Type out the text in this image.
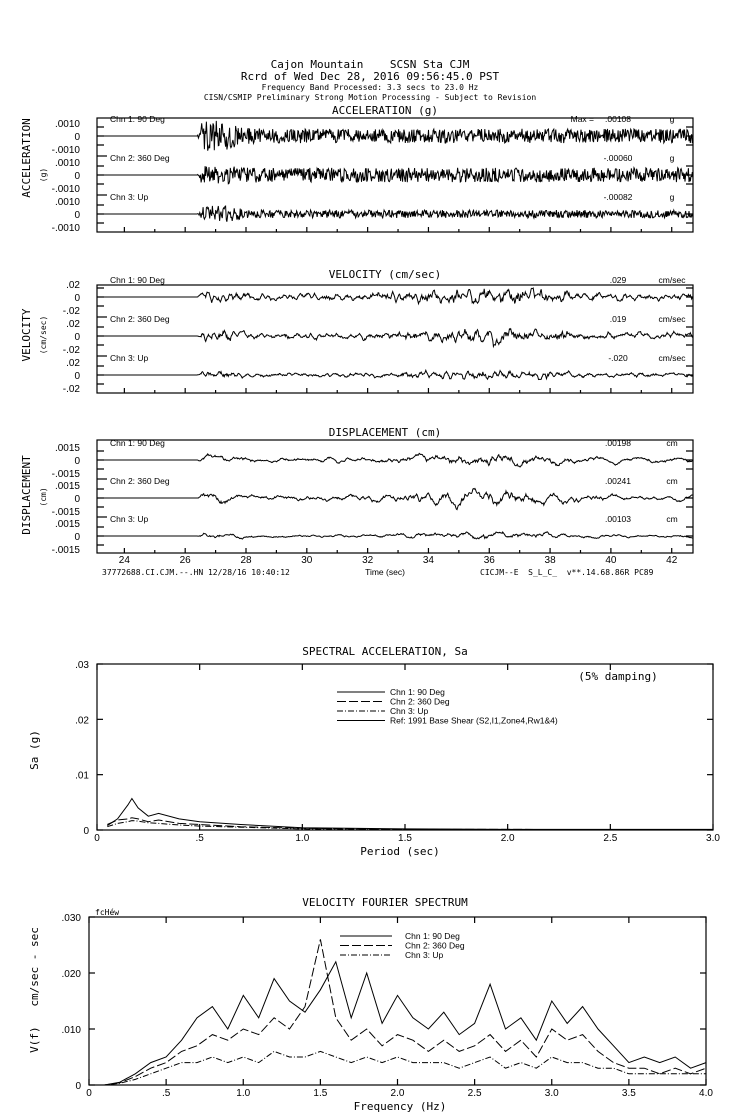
Cajon Mountain    SCSN Sta CJM
Rcrd of Wed Dec 28, 2016 09:56:45.0 PST
Frequency Band Processed: 3.3 secs to 23.0 Hz
CISN/CSMIP Preliminary Strong Motion Processing - Subject to Revision
ACCELERATION (g)
VELOCITY (cm/sec)
DISPLACEMENT (cm)
ACCELERATION (g)
VELOCITY (cm/sec)
DISPLACEMENT (cm)
Time (sec)
37772688.CI.CJM.--.HN 12/28/16 10:40:12	CICJM--E  S_L_C_  v**.14.68.86R PC89
SPECTRAL ACCELERATION, Sa
(5% damping)
Period (sec)
Sa (g)
VELOCITY FOURIER SPECTRUM
fcHéw
Frequency (Hz)
V(f)   cm/sec - sec
.0010
0
-.0010
Chn 1: 90 Deg	.00108	g
Max =
.0010
0
-.0010
Chn 2: 360 Deg	-.00060	g
.0010
0
-.0010
Chn 3: Up	-.00082	g
.02
0
-.02
Chn 1: 90 Deg	.029	cm/sec
.02
0
-.02
Chn 2: 360 Deg	.019	cm/sec
.02
0
-.02
Chn 3: Up	-.020	cm/sec
.0015
0
-.0015
Chn 1: 90 Deg	.00198	cm
.0015
0
-.0015
Chn 2: 360 Deg	.00241	cm
.0015
0
-.0015
Chn 3: Up	.00103	cm
24	26	28	30	32	34	36	38	40	42
0	.5	1.0	1.5	2.0	2.5	3.0
0
.01
.02
.03
Chn 1: 90 Deg
Chn 2: 360 Deg
Chn 3: Up
Ref: 1991 Base Shear (S2,I1,Zone4,Rw1&4)
0	.5	1.0	1.5	2.0	2.5	3.0	3.5	4.0
0
.010
.020
.030
Chn 1: 90 Deg
Chn 2: 360 Deg
Chn 3: Up
